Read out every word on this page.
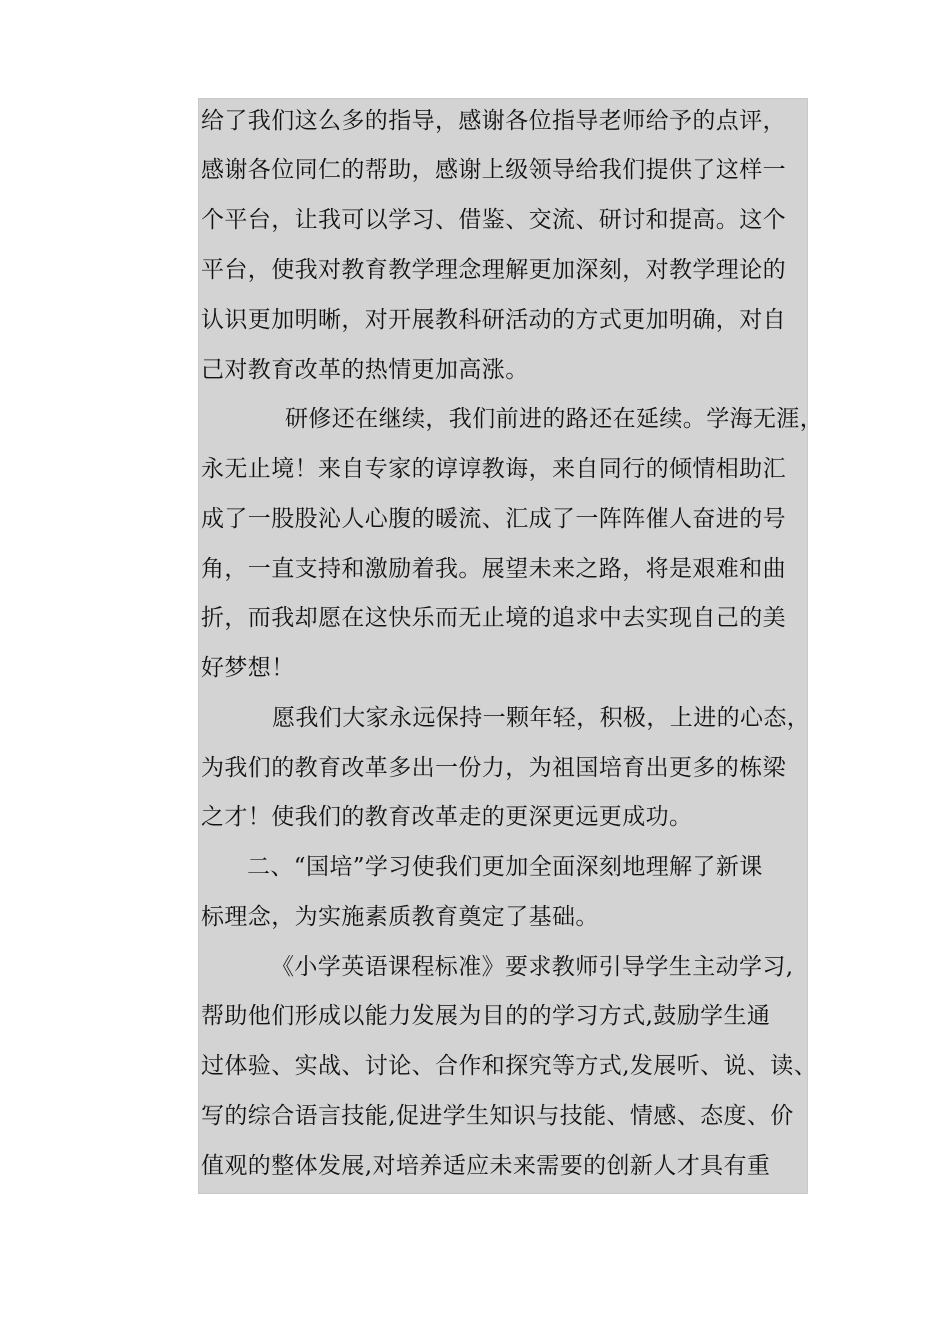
给了我们这么多的指导，感谢各位指导老师给予的点评，
感谢各位同仁的帮助，感谢上级领导给我们提供了这样一
个平台，让我可以学习、借鉴、交流、研讨和提高。这个
平台，使我对教育教学理念理解更加深刻，对教学理论的
认识更加明晰，对开展教科研活动的方式更加明确，对自
己对教育改革的热情更加高涨。
研修还在继续，我们前进的路还在延续。学海无涯，
永无止境！来自专家的谆谆教诲，来自同行的倾情相助汇
成了一股股沁人心腹的暖流、汇成了一阵阵催人奋进的号
角，一直支持和激励着我。展望未来之路，将是艰难和曲
折，而我却愿在这快乐而无止境的追求中去实现自己的美
好梦想！
愿我们大家永远保持一颗年轻，积极，上进的心态，
为我们的教育改革多出一份力，为祖国培育出更多的栋梁
之才！使我们的教育改革走的更深更远更成功。
二、“国培”学习使我们更加全面深刻地理解了新课
标理念，为实施素质教育奠定了基础。
《小学英语课程标准》要求教师引导学生主动学习,
帮助他们形成以能力发展为目的的学习方式,鼓励学生通
过体验、实战、讨论、合作和探究等方式,发展听、说、读、
写的综合语言技能,促进学生知识与技能、情感、态度、价
值观的整体发展,对培养适应未来需要的创新人才具有重
